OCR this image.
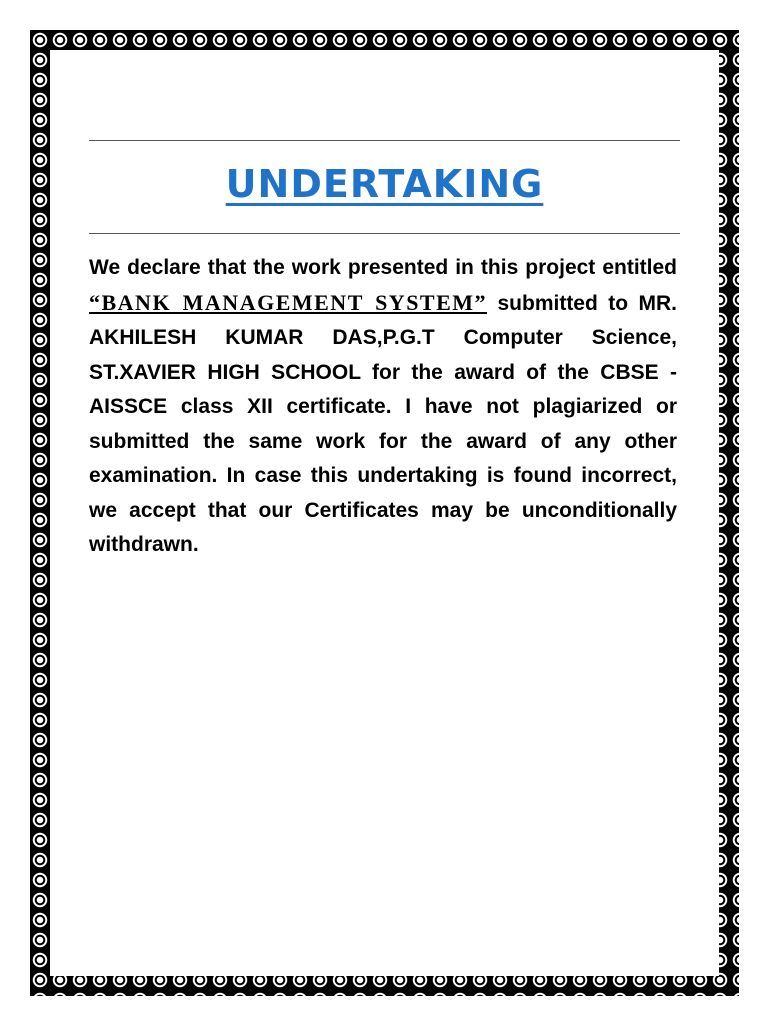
UNDERTAKING
We declare that the work presented in this project entitled “BANK MANAGEMENT SYSTEM” submitted to MR. AKHILESH KUMAR DAS,P.G.T Computer Science, ST.XAVIER HIGH SCHOOL for the award of the CBSE - AISSCE class XII certificate. I have not plagiarized or submitted the same work for the award of any other examination. In case this undertaking is found incorrect, we accept that our Certificates may be unconditionally withdrawn.
